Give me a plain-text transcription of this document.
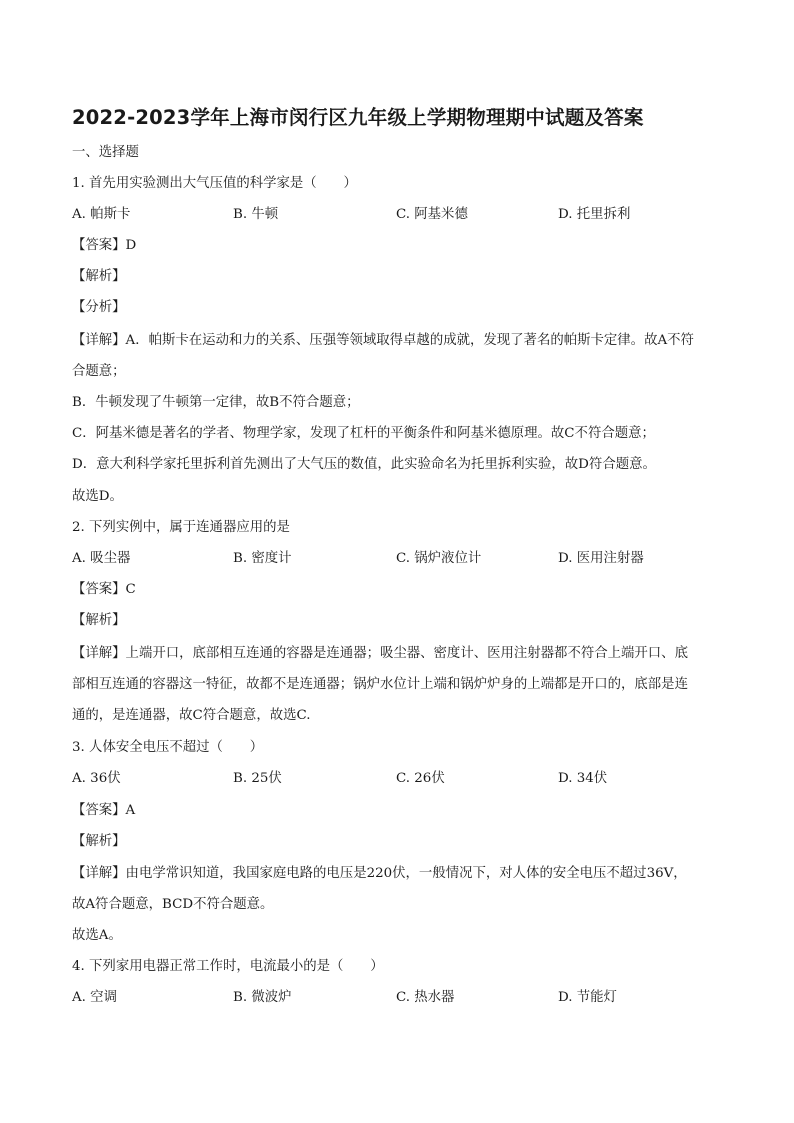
2022-2023学年上海市闵行区九年级上学期物理期中试题及答案
一、选择题
1. 首先用实验测出大气压值的科学家是（　　）
A. 帕斯卡	B. 牛顿	C. 阿基米德	D. 托里拆利
【答案】D
【解析】
【分析】
【详解】A．帕斯卡在运动和力的关系、压强等领域取得卓越的成就，发现了著名的帕斯卡定律。故A不符
合题意；
B．牛顿发现了牛顿第一定律，故B不符合题意；
C．阿基米德是著名的学者、物理学家，发现了杠杆的平衡条件和阿基米德原理。故C不符合题意；
D．意大利科学家托里拆利首先测出了大气压的数值，此实验命名为托里拆利实验，故D符合题意。
故选D。
2. 下列实例中，属于连通器应用的是
A. 吸尘器	B. 密度计	C. 锅炉液位计	D. 医用注射器
【答案】C
【解析】
【详解】上端开口，底部相互连通的容器是连通器；吸尘器、密度计、医用注射器都不符合上端开口、底
部相互连通的容器这一特征，故都不是连通器；锅炉水位计上端和锅炉炉身的上端都是开口的，底部是连
通的，是连通器，故C符合题意，故选C.
3. 人体安全电压不超过（　　）
A. 36伏	B. 25伏	C. 26伏	D. 34伏
【答案】A
【解析】
【详解】由电学常识知道，我国家庭电路的电压是220伏，一般情况下，对人体的安全电压不超过36V，
故A符合题意，BCD不符合题意。
故选A。
4. 下列家用电器正常工作时，电流最小的是（　　）
A. 空调	B. 微波炉	C. 热水器	D. 节能灯
